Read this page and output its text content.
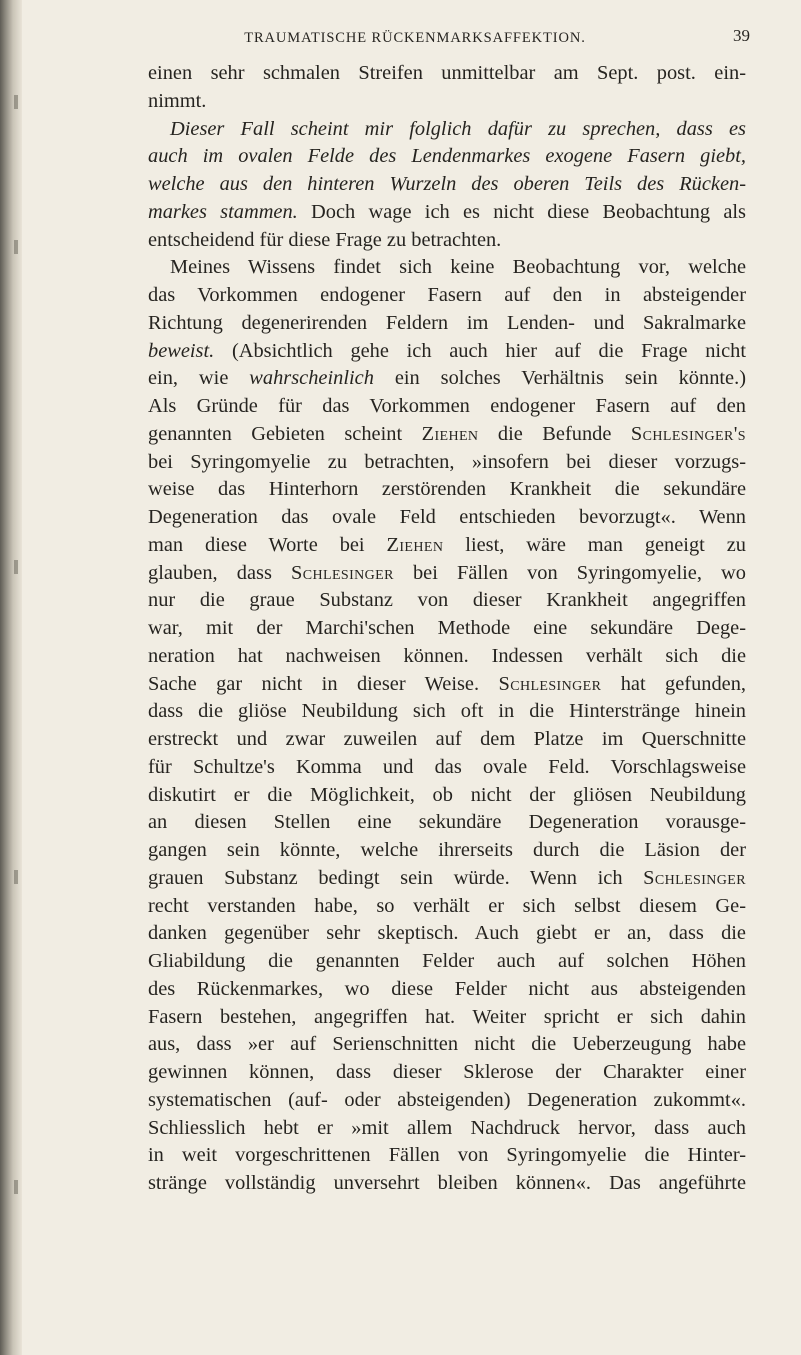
TRAUMATISCHE RÜCKENMARKSAFFEKTION.	39
einen sehr schmalen Streifen unmittelbar am Sept. post. ein-
nimmt.
Dieser Fall scheint mir folglich dafür zu sprechen, dass es
auch im ovalen Felde des Lendenmarkes exogene Fasern giebt,
welche aus den hinteren Wurzeln des oberen Teils des Rücken-
markes stammen. Doch wage ich es nicht diese Beobachtung als
entscheidend für diese Frage zu betrachten.
Meines Wissens findet sich keine Beobachtung vor, welche
das Vorkommen endogener Fasern auf den in absteigender
Richtung degenerirenden Feldern im Lenden- und Sakralmarke
beweist. (Absichtlich gehe ich auch hier auf die Frage nicht
ein, wie wahrscheinlich ein solches Verhältnis sein könnte.)
Als Gründe für das Vorkommen endogener Fasern auf den
genannten Gebieten scheint Ziehen die Befunde Schlesinger's
bei Syringomyelie zu betrachten, »insofern bei dieser vorzugs-
weise das Hinterhorn zerstörenden Krankheit die sekundäre
Degeneration das ovale Feld entschieden bevorzugt«. Wenn
man diese Worte bei Ziehen liest, wäre man geneigt zu
glauben, dass Schlesinger bei Fällen von Syringomyelie, wo
nur die graue Substanz von dieser Krankheit angegriffen
war, mit der Marchi'schen Methode eine sekundäre Dege-
neration hat nachweisen können. Indessen verhält sich die
Sache gar nicht in dieser Weise. Schlesinger hat gefunden,
dass die gliöse Neubildung sich oft in die Hinterstränge hinein
erstreckt und zwar zuweilen auf dem Platze im Querschnitte
für Schultze's Komma und das ovale Feld. Vorschlagsweise
diskutirt er die Möglichkeit, ob nicht der gliösen Neubildung
an diesen Stellen eine sekundäre Degeneration vorausge-
gangen sein könnte, welche ihrerseits durch die Läsion der
grauen Substanz bedingt sein würde. Wenn ich Schlesinger
recht verstanden habe, so verhält er sich selbst diesem Ge-
danken gegenüber sehr skeptisch. Auch giebt er an, dass die
Gliabildung die genannten Felder auch auf solchen Höhen
des Rückenmarkes, wo diese Felder nicht aus absteigenden
Fasern bestehen, angegriffen hat. Weiter spricht er sich dahin
aus, dass »er auf Serienschnitten nicht die Ueberzeugung habe
gewinnen können, dass dieser Sklerose der Charakter einer
systematischen (auf- oder absteigenden) Degeneration zukommt«.
Schliesslich hebt er »mit allem Nachdruck hervor, dass auch
in weit vorgeschrittenen Fällen von Syringomyelie die Hinter-
stränge vollständig unversehrt bleiben können«. Das angeführte
